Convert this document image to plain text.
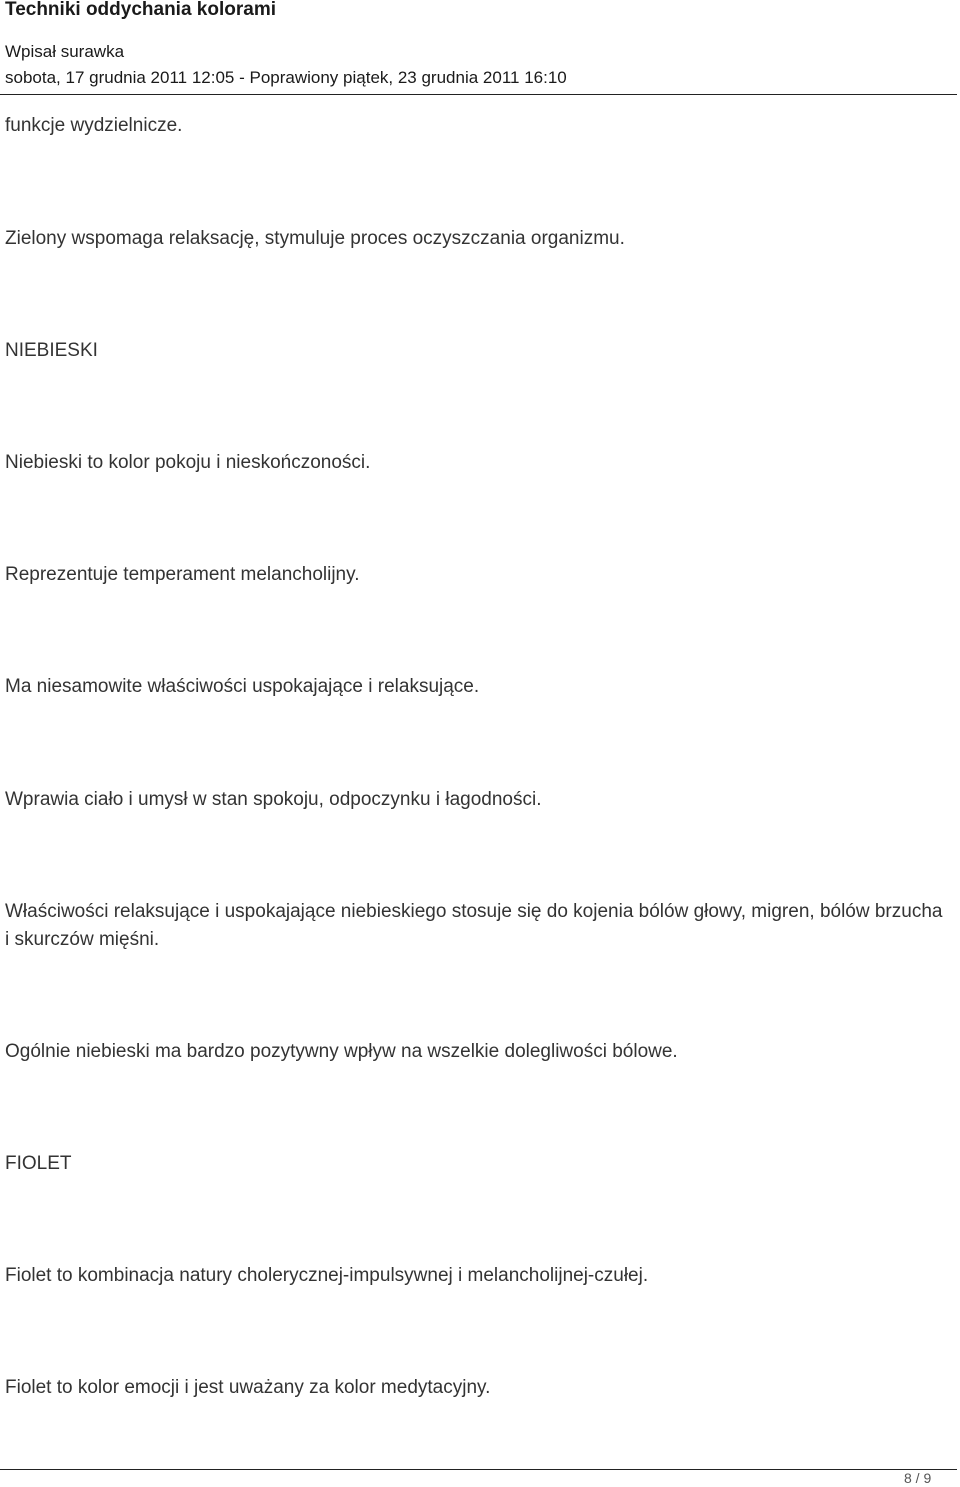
Techniki oddychania kolorami
Wpisał surawka
sobota, 17 grudnia 2011 12:05 - Poprawiony piątek, 23 grudnia 2011 16:10

funkcje wydzielnicze.

Zielony wspomaga relaksację, stymuluje proces oczyszczania organizmu.

NIEBIESKI

Niebieski to kolor pokoju i nieskończoności.

Reprezentuje temperament melancholijny.

Ma niesamowite właściwości uspokajające i relaksujące.

Wprawia ciało i umysł w stan spokoju, odpoczynku i łagodności.

Właściwości relaksujące i uspokajające niebieskiego stosuje się do kojenia bólów głowy, migren, bólów brzucha i skurczów mięśni.

Ogólnie niebieski ma bardzo pozytywny wpływ na wszelkie dolegliwości bólowe.

FIOLET

Fiolet to kombinacja natury cholerycznej-impulsywnej i melancholijnej-czułej.

Fiolet to kolor emocji i jest uważany za kolor medytacyjny.

8 / 9
